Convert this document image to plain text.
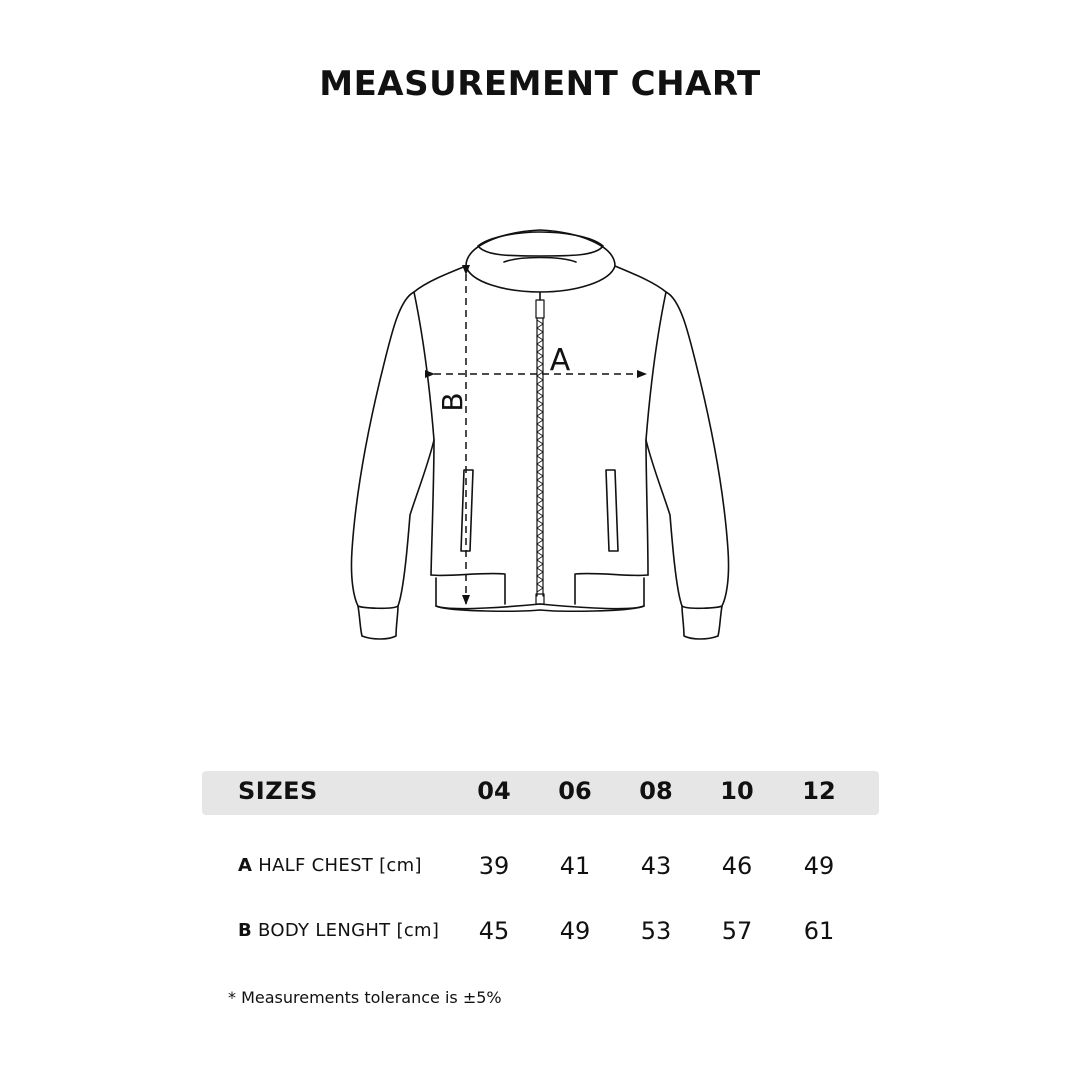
MEASUREMENT CHART
A
B
SIZES	04	06	08	10	12
A HALF CHEST [cm]	39	41	43	46	49
B BODY LENGHT [cm]	45	49	53	57	61
* Measurements tolerance is ±5%
